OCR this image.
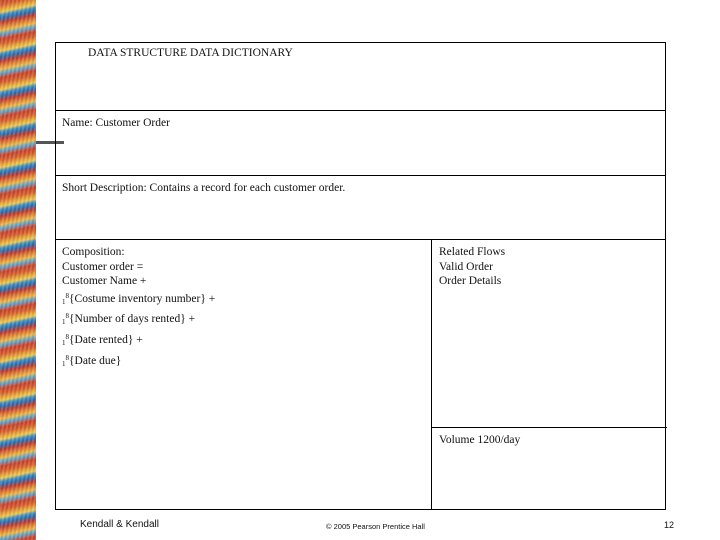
DATA STRUCTURE DATA DICTIONARY
Name: Customer Order
Short Description: Contains a record for each customer order.
Composition:
Customer order =
Customer Name +
$_1^8${Costume inventory number} +
$_1^8${Number of days rented} +
$_1^8${Date rented} +
$_1^8${Date due}
Related Flows
Valid Order
Order Details
Volume 1200/day
Kendall & Kendall	© 2005 Pearson Prentice Hall	12
